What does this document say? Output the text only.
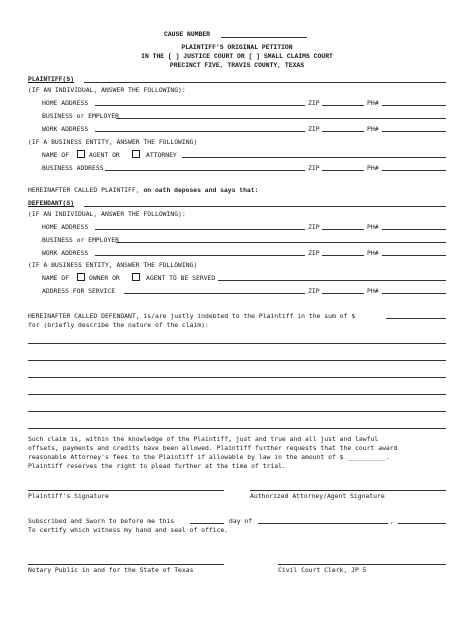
CAUSE NUMBER
PLAINTIFF'S ORIGINAL PETITION
IN THE [ ] JUSTICE COURT OR [ ] SMALL CLAIMS COURT
PRECINCT FIVE, TRAVIS COUNTY, TEXAS
PLAINTIFF(S)
(IF AN INDIVIDUAL, ANSWER THE FOLLOWING):
HOME ADDRESS	ZIP	PH#
BUSINESS or EMPLOYER
WORK ADDRESS	ZIP	PH#
(IF A BUSINESS ENTITY, ANSWER THE FOLLOWING)
NAME OF	AGENT OR	ATTORNEY
BUSINESS ADDRESS	ZIP	PH#
HEREINAFTER CALLED PLAINTIFF, on oath deposes and says that:
DEFENDANT(S)
(IF AN INDIVIDUAL, ANSWER THE FOLLOWING):
HOME ADDRESS	ZIP	PH#
BUSINESS or EMPLOYER
WORK ADDRESS	ZIP	PH#
(IF A BUSINESS ENTITY, ANSWER THE FOLLOWING)
NAME OF	OWNER OR	AGENT TO BE SERVED
ADDRESS FOR SERVICE	ZIP	PH#
HEREINAFTER CALLED DEFENDANT, is/are justly indebted to the Plaintiff in the sum of $
for (briefly describe the nature of the claim):
Such claim is, within the knowledge of the Plaintiff, just and true and all just and lawful
offsets, payments and credits have been allowed. Plaintiff further requests that the court award
reasonable Attorney's fees to the Plaintiff if allowable by law in the amount of $ __________.
Plaintiff reserves the right to plead further at the time of trial.
Plaintiff's Signature	Authorized Attorney/Agent Signature
Subscribed and Sworn to before me this	day of	,
To certify which witness my hand and seal of office.
Notary Public in and for the State of Texas	Civil Court Clerk, JP 5
